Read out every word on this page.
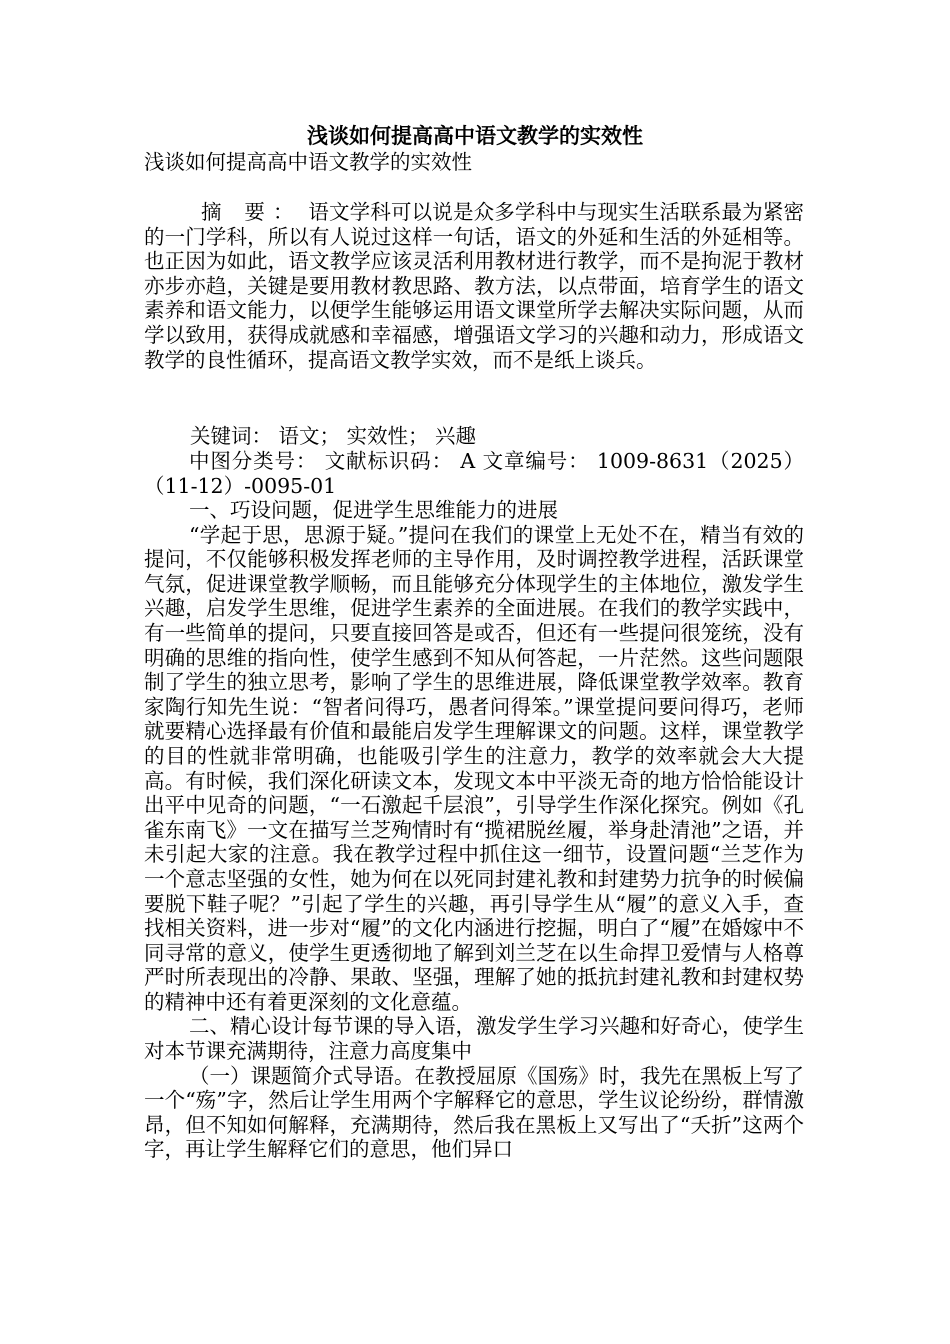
浅谈如何提高高中语文教学的实效性
浅谈如何提高高中语文教学的实效性
摘 要： 语文学科可以说是众多学科中与现实生活联系最为紧密的一门学科，所以有人说过这样一句话，语文的外延和生活的外延相等。也正因为如此，语文教学应该灵活利用教材进行教学，而不是拘泥于教材亦步亦趋，关键是要用教材教思路、教方法，以点带面，培育学生的语文素养和语文能力，以便学生能够运用语文课堂所学去解决实际问题，从而学以致用，获得成就感和幸福感，增强语文学习的兴趣和动力，形成语文教学的良性循环，提高语文教学实效，而不是纸上谈兵。
关键词： 语文； 实效性； 兴趣
中图分类号： 文献标识码： A 文章编号： 1009-8631（2025）（11-12）-0095-01
一、巧设问题，促进学生思维能力的进展
“学起于思，思源于疑。”提问在我们的课堂上无处不在，精当有效的提问，不仅能够积极发挥老师的主导作用，及时调控教学进程，活跃课堂气氛，促进课堂教学顺畅，而且能够充分体现学生的主体地位，激发学生兴趣，启发学生思维，促进学生素养的全面进展。在我们的教学实践中，有一些简单的提问，只要直接回答是或否，但还有一些提问很笼统，没有明确的思维的指向性，使学生感到不知从何答起，一片茫然。这些问题限制了学生的独立思考，影响了学生的思维进展，降低课堂教学效率。教育家陶行知先生说：“智者问得巧，愚者问得笨。”课堂提问要问得巧，老师就要精心选择最有价值和最能启发学生理解课文的问题。这样，课堂教学的目的性就非常明确，也能吸引学生的注意力，教学的效率就会大大提高。有时候，我们深化研读文本，发现文本中平淡无奇的地方恰恰能设计出平中见奇的问题，“一石激起千层浪”，引导学生作深化探究。例如《孔雀东南飞》一文在描写兰芝殉情时有“揽裙脱丝履，举身赴清池”之语，并未引起大家的注意。我在教学过程中抓住这一细节，设置问题“兰芝作为一个意志坚强的女性，她为何在以死同封建礼教和封建势力抗争的时候偏要脱下鞋子呢？”引起了学生的兴趣，再引导学生从“履”的意义入手，查找相关资料，进一步对“履”的文化内涵进行挖掘，明白了“履”在婚嫁中不同寻常的意义，使学生更透彻地了解到刘兰芝在以生命捍卫爱情与人格尊严时所表现出的冷静、果敢、坚强，理解了她的抵抗封建礼教和封建权势的精神中还有着更深刻的文化意蕴。
二、精心设计每节课的导入语，激发学生学习兴趣和好奇心，使学生对本节课充满期待，注意力高度集中
（一）课题简介式导语。在教授屈原《国殇》时，我先在黑板上写了一个“殇”字，然后让学生用两个字解释它的意思，学生议论纷纷，群情激昂，但不知如何解释，充满期待，然后我在黑板上又写出了“夭折”这两个字，再让学生解释它们的意思，他们异口
